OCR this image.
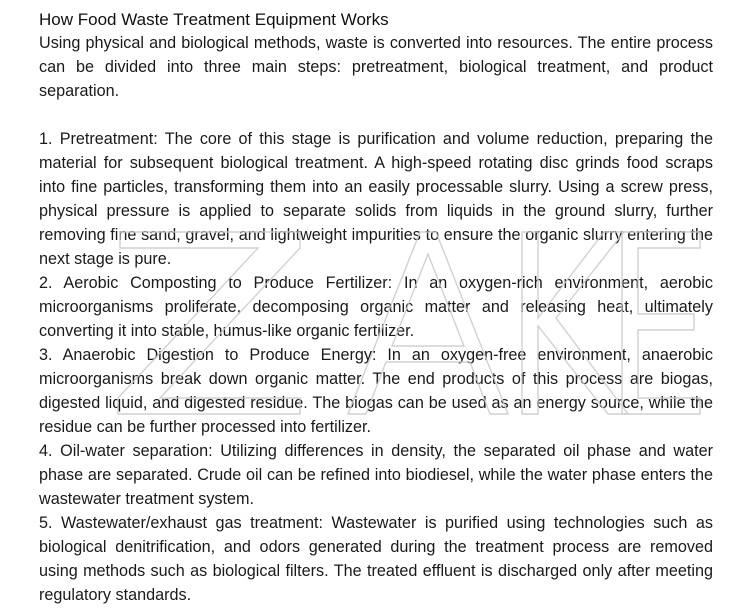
How Food Waste Treatment Equipment Works

Using physical and biological methods, waste is converted into resources. The entire process can be divided into three main steps: pretreatment, biological treatment, and product separation.

1. Pretreatment: The core of this stage is purification and volume reduction, preparing the material for subsequent biological treatment. A high-speed rotating disc grinds food scraps into fine particles, transforming them into an easily processable slurry. Using a screw press, physical pressure is applied to separate solids from liquids in the ground slurry, further removing fine sand, gravel, and lightweight impurities to ensure the organic slurry entering the next stage is pure.

2. Aerobic Composting to Produce Fertilizer: In an oxygen-rich environment, aerobic microorganisms proliferate, decomposing organic matter and releasing heat, ultimately converting it into stable, humus-like organic fertilizer.

3. Anaerobic Digestion to Produce Energy: In an oxygen-free environment, anaerobic microorganisms break down organic matter. The end products of this process are biogas, digested liquid, and digested residue. The biogas can be used as an energy source, while the residue can be further processed into fertilizer.

4. Oil-water separation: Utilizing differences in density, the separated oil phase and water phase are separated. Crude oil can be refined into biodiesel, while the water phase enters the wastewater treatment system.

5. Wastewater/exhaust gas treatment: Wastewater is purified using technologies such as biological denitrification, and odors generated during the treatment process are removed using methods such as biological filters. The treated effluent is discharged only after meeting regulatory standards.
